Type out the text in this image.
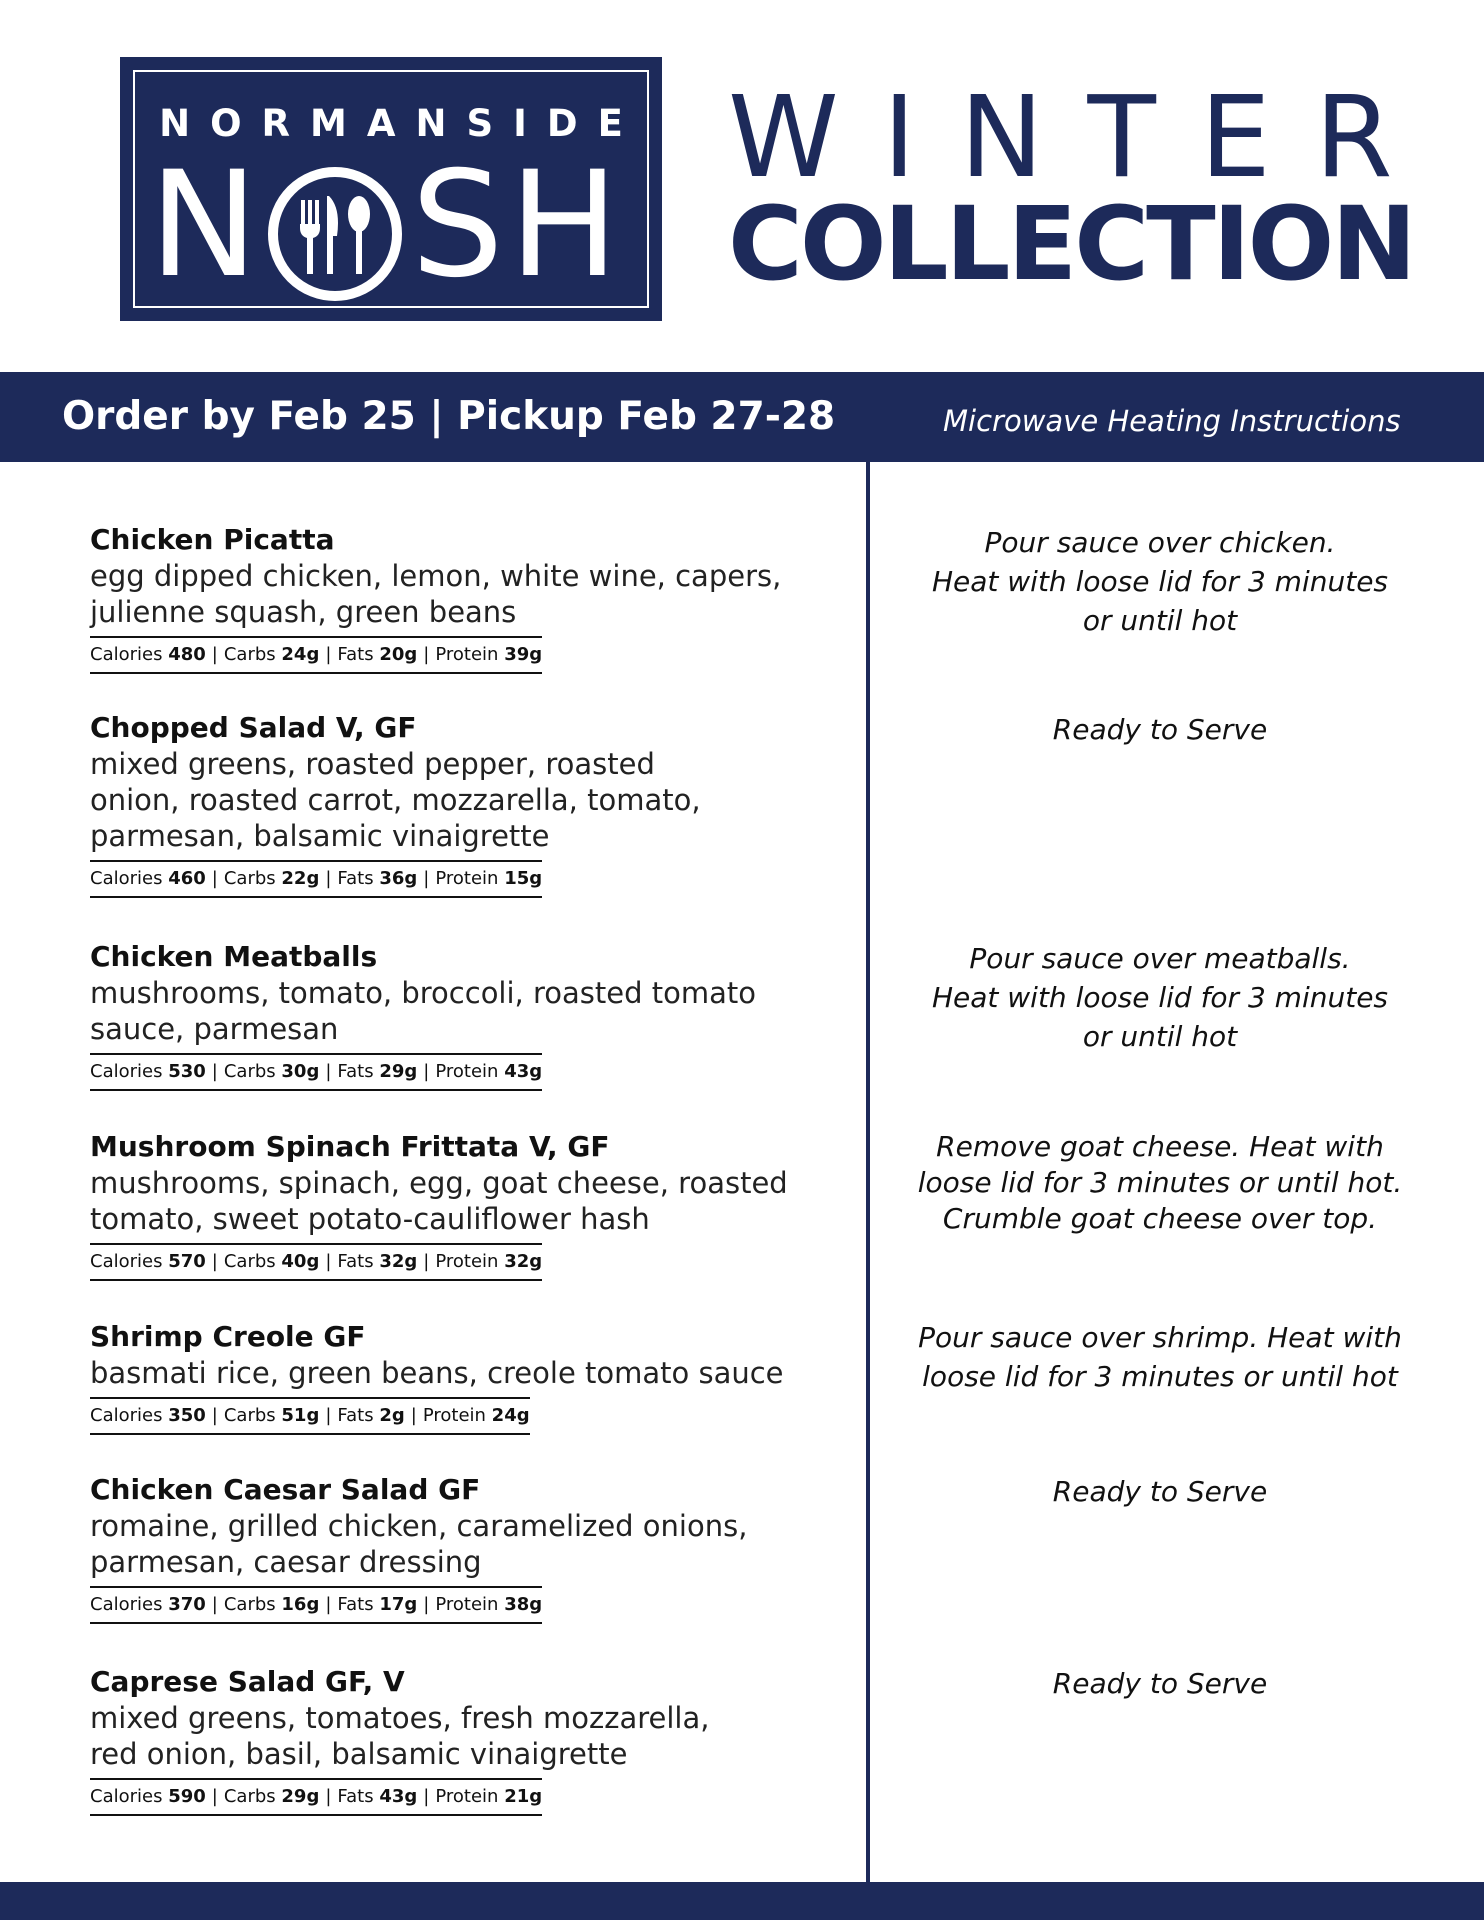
NORMANSIDE
N S H
WINTER
COLLECTION
Order by Feb 25 | Pickup Feb 27-28	Microwave Heating Instructions
Chicken Picatta
egg dipped chicken, lemon, white wine, capers,
julienne squash, green beans
Calories 480 | Carbs 24g | Fats 20g | Protein 39g
Pour sauce over chicken.
Heat with loose lid for 3 minutes
or until hot
Chopped Salad V, GF
mixed greens, roasted pepper, roasted
onion, roasted carrot, mozzarella, tomato,
parmesan, balsamic vinaigrette
Calories 460 | Carbs 22g | Fats 36g | Protein 15g
Ready to Serve
Chicken Meatballs
mushrooms, tomato, broccoli, roasted tomato
sauce, parmesan
Calories 530 | Carbs 30g | Fats 29g | Protein 43g
Pour sauce over meatballs.
Heat with loose lid for 3 minutes
or until hot
Mushroom Spinach Frittata V, GF
mushrooms, spinach, egg, goat cheese, roasted
tomato, sweet potato-cauliflower hash
Calories 570 | Carbs 40g | Fats 32g | Protein 32g
Remove goat cheese. Heat with
loose lid for 3 minutes or until hot.
Crumble goat cheese over top.
Shrimp Creole GF
basmati rice, green beans, creole tomato sauce
Calories 350 | Carbs 51g | Fats 2g | Protein 24g
Pour sauce over shrimp. Heat with
loose lid for 3 minutes or until hot
Chicken Caesar Salad GF
romaine, grilled chicken, caramelized onions,
parmesan, caesar dressing
Calories 370 | Carbs 16g | Fats 17g | Protein 38g
Ready to Serve
Caprese Salad GF, V
mixed greens, tomatoes, fresh mozzarella,
red onion, basil, balsamic vinaigrette
Calories 590 | Carbs 29g | Fats 43g | Protein 21g
Ready to Serve
